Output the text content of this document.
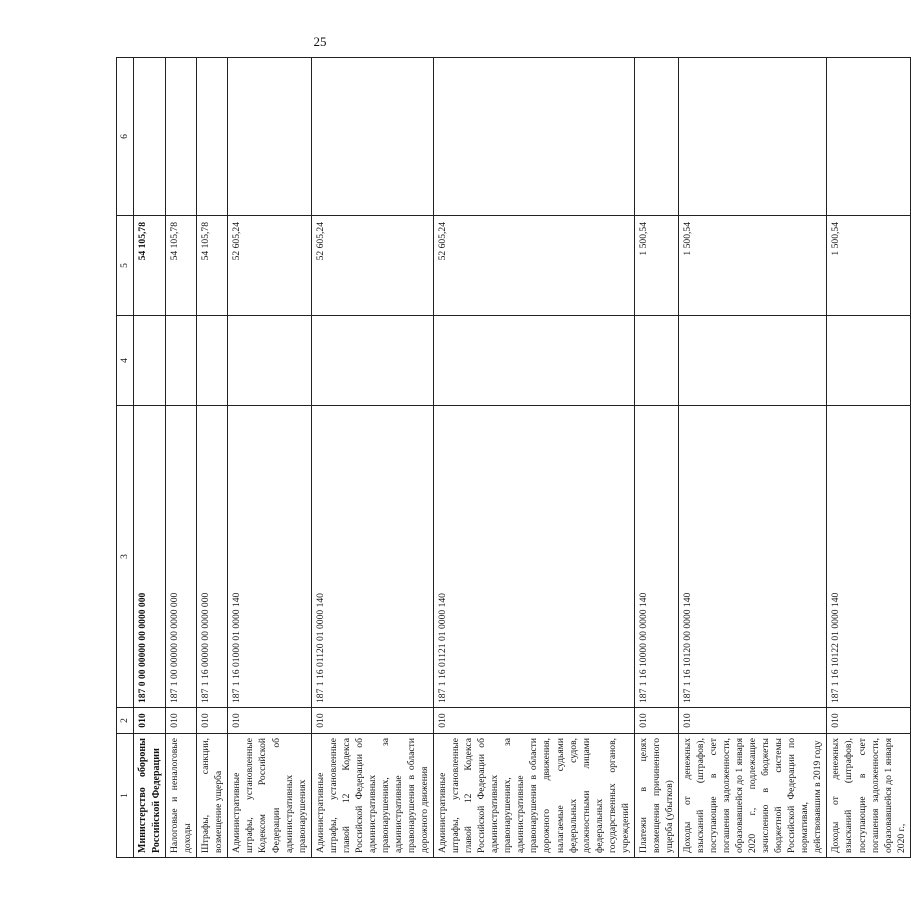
25
1	2	3	4	5	6
Министерство обороны Российской Федерации	010	187 0 00 00000 00 0000 000		54 105,78	
Налоговые и неналоговые доходы	010	187 1 00 00000 00 0000 000		54 105,78	
Штрафы, санкции, возмещение ущерба	010	187 1 16 00000 00 0000 000		54 105,78	
Административные штрафы, установленные Кодексом Российской Федерации об административных правонарушениях	010	187 1 16 01000 01 0000 140		52 605,24	
Административные штрафы, установленные главой 12 Кодекса Российской Федерации об административных правонарушениях, за административные правонарушения в области дорожного движения	010	187 1 16 01120 01 0000 140		52 605,24	
Административные штрафы, установленные главой 12 Кодекса Российской Федерации об административных правонарушениях, за административные правонарушения в области дорожного движения, налагаемые судьями федеральных судов, должностными лицами федеральных государственных органов, учреждений	010	187 1 16 01121 01 0000 140		52 605,24	
Платежи в целях возмещения причиненного ущерба (убытков)	010	187 1 16 10000 00 0000 140		1 500,54	
Доходы от денежных взысканий (штрафов), поступающие в счет погашения задолженности, образовавшейся до 1 января 2020 г., подлежащие зачислению в бюджеты бюджетной системы Российской Федерации по нормативам, действовавшим в 2019 году	010	187 1 16 10120 00 0000 140		1 500,54	
Доходы от денежных взысканий (штрафов), поступающие в счет погашения задолженности, образовавшейся до 1 января 2020 г.,	010	187 1 16 10122 01 0000 140		1 500,54	
